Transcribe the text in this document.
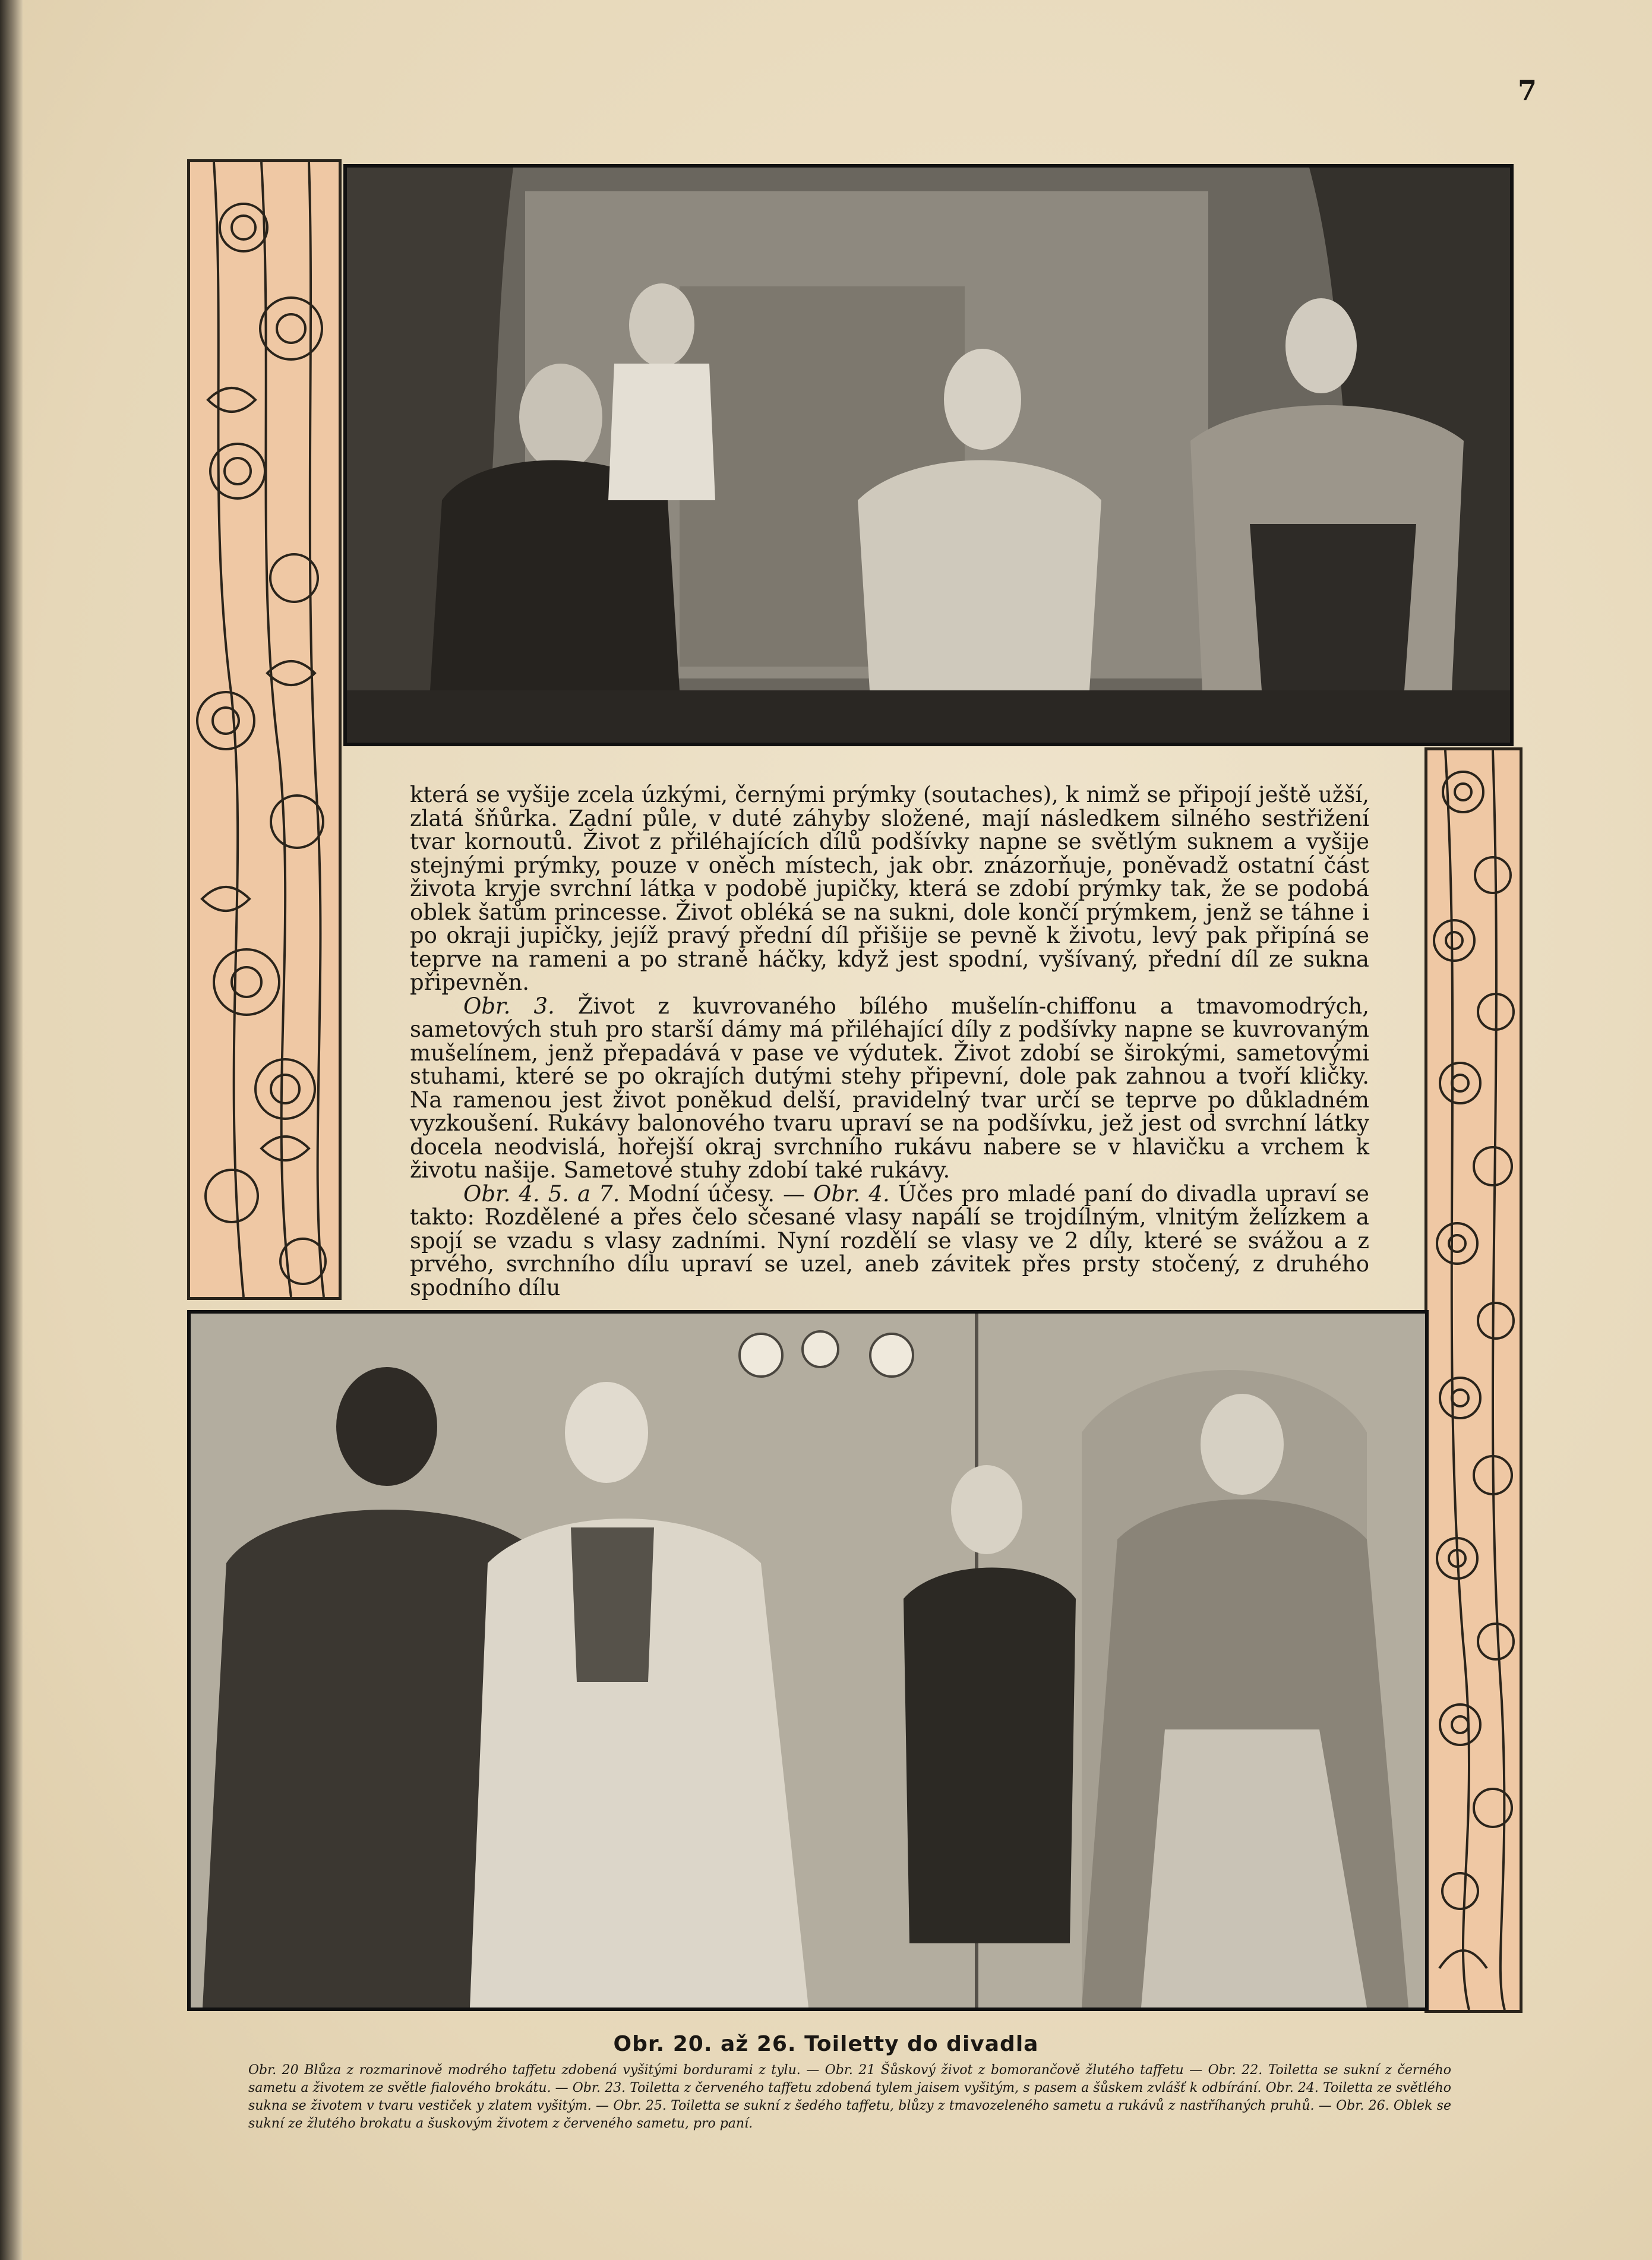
7

která se vyšije zcela úzkými, černými prýmky (soutaches), k nimž se připojí ještě užší, zlatá šňůrka. Zadní půle, v duté záhyby složené, mají následkem silného sestřižení tvar kornoutů. Život z přiléhajících dílů podšívky napne se světlým suknem a vyšije stejnými prýmky, pouze v oněch místech, jak obr. znázorňuje, poněvadž ostatní část života kryje svrchní látka v podobě jupičky, která se zdobí prýmky tak, že se podobá oblek šatům princesse. Život obléká se na sukni, dole končí prýmkem, jenž se táhne i po okraji jupičky, jejíž pravý přední díl přišije se pevně k životu, levý pak připíná se teprve na rameni a po straně háčky, když jest spodní, vyšívaný, přední díl ze sukna připevněn.

Obr. 3. Život z kuvrovaného bílého mušelín-chiffonu a tmavomodrých, sametových stuh pro starší dámy má přiléhající díly z podšívky napne se kuvrovaným mušelínem, jenž přepadává v pase ve výdutek. Život zdobí se širokými, sametovými stuhami, které se po okrajích dutými stehy připevní, dole pak zahnou a tvoří kličky. Na ramenou jest život poněkud delší, pravidelný tvar určí se teprve po důkladném vyzkoušení. Rukávy balonového tvaru upraví se na podšívku, jež jest od svrchní látky docela neodvislá, hořejší okraj svrchního rukávu nabere se v hlavičku a vrchem k životu našije. Sametové stuhy zdobí také rukávy.

Obr. 4. 5. a 7. Modní účesy. — Obr. 4. Účes pro mladé paní do divadla upraví se takto: Rozdělené a přes čelo sčesané vlasy napálí se trojdílným, vlnitým želízkem a spojí se vzadu s vlasy zadními. Nyní rozdělí se vlasy ve 2 díly, které se svážou a z prvého, svrchního dílu upraví se uzel, aneb závitek přes prsty stočený, z druhého spodního dílu

Obr. 20. až 26. Toiletty do divadla
Obr. 20 Blůza z rozmarinově modrého taffetu zdobená vyšitými bordurami z tylu. — Obr. 21 Šůskový život z bomorančově žlutého taffetu — Obr. 22. Toiletta se sukní z černého sametu a životem ze světle fialového brokátu. — Obr. 23. Toiletta z červeného taffetu zdobená tylem jaisem vyšitým, s pasem a šůskem zvlášť k odbírání. Obr. 24. Toiletta ze světlého sukna se životem v tvaru vestiček y zlatem vyšitým. — Obr. 25. Toiletta se sukní z šedého taffetu, blůzy z tmavozeleného sametu a rukávů z nastříhaných pruhů. — Obr. 26. Oblek se sukní ze žlutého brokatu a šuskovým životem z červeného sametu, pro paní.
